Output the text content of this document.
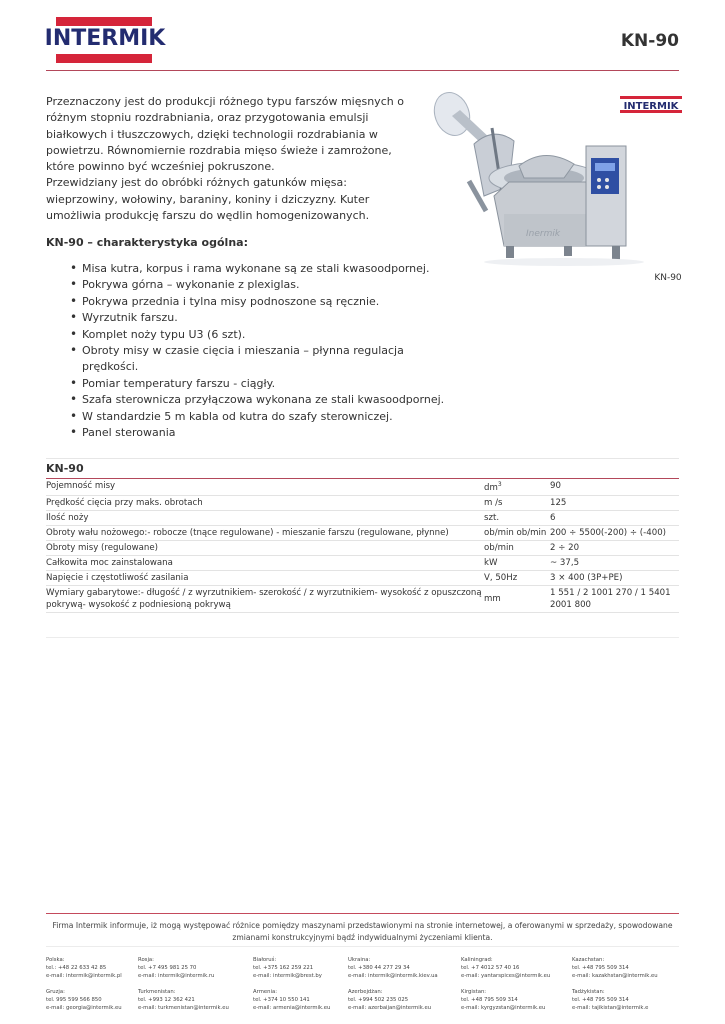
INTERMIK	KN-90

Przeznaczony jest do produkcji różnego typu farszów mięsnych o różnym stopniu rozdrabniania, oraz przygotowania emulsji białkowych i tłuszczowych, dzięki technologii rozdrabiania w powietrzu. Równomiernie rozdrabia mięso świeże i zamrożone, które powinno być wcześniej pokruszone.

Przewidziany jest do obróbki różnych gatunków mięsa: wieprzowiny, wołowiny, baraniny, koniny i dziczyzny. Kuter umożliwia produkcję farszu do wędlin homogenizowanych.

INTERMIK
Inermik
KN-90
KN-90 – charakterystyka ogólna:
• Misa kutra, korpus i rama wykonane są ze stali kwasoodpornej.
• Pokrywa górna – wykonanie z plexiglas.
• Pokrywa przednia i tylna misy podnoszone są ręcznie.
• Wyrzutnik farszu.
• Komplet noży typu U3 (6 szt).
• Obroty misy w czasie cięcia i mieszania – płynna regulacja prędkości.
• Pomiar temperatury farszu - ciągły.
• Szafa sterownicza przyłączowa wykonana ze stali kwasoodpornej.
• W standardzie 5 m kabla od kutra do szafy sterowniczej.
• Panel sterowania
KN-90
Pojemność misy	$dm^3$	90
Prędkość cięcia przy maks. obrotach	m /s	125
Ilość noży	szt.	6
Obroty wału nożowego:- robocze (tnące regulowane) - mieszanie farszu (regulowane, płynne)	ob/min ob/min	200 ÷ 5500(-200) ÷ (-400)
Obroty misy (regulowane)	ob/min	2 ÷ 20
Całkowita moc zainstalowana	kW	~ 37,5
Napięcie i częstotliwość zasilania	V, 50Hz	3 × 400 (3P+PE)
Wymiary gabarytowe:- długość / z wyrzutnikiem- szerokość / z wyrzutnikiem- wysokość z opuszczoną pokrywą- wysokość z podniesioną pokrywą	mm	1 551 / 2 1001 270 / 1 5401 2001 800
Firma Intermik informuje, iż mogą występować różnice pomiędzy maszynami przedstawionymi na stronie internetowej, a oferowanymi w sprzedaży, spowodowane zmianami konstrukcyjnymi bądź indywidualnymi życzeniami klienta.
Polska:
tel.: +48 22 633 42 85
e-mail: intermik@intermik.pl
Rosja:
tel. +7 495 981 25 70
e-mail: intermik@intermik.ru
Białoruś:
tel. +375 162 259 221
e-mail: intermik@brest.by
Ukraina:
tel. +380 44 277 29 34
e-mail: intermik@intermik.kiev.ua
Kaliningrad:
tel. +7 4012 57 40 16
e-mail: yantarspices@intermik.eu
Kazachstan:
tel. +48 795 509 314
e-mail: kazakhstan@intermik.eu
Gruzja:
tel. 995 599 566 850
e-mail: georgia@intermik.eu
Turkmenistan:
tel. +993 12 362 421
e-mail: turkmenistan@intermik.eu
Armenia:
tel. +374 10 550 141
e-mail: armenia@intermik.eu
Azerbejdżan:
tel. +994 502 235 025
e-mail: azerbaijan@intermik.eu
Kirgistan:
tel. +48 795 509 314
e-mail: kyrgyzstan@intermik.eu
Tadżykistan:
tel. +48 795 509 314
e-mail: tajikistan@intermik.e
